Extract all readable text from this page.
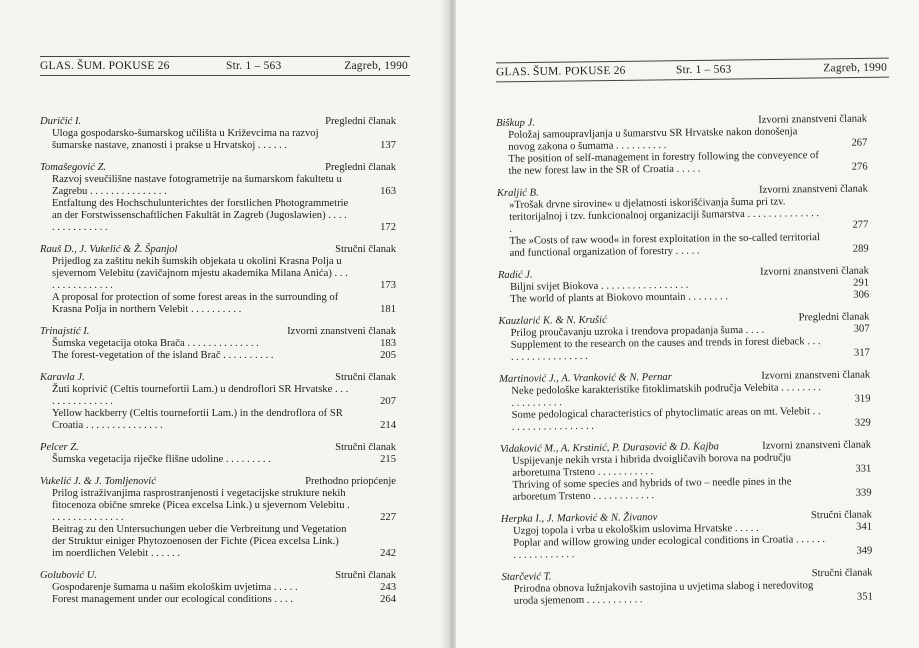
GLAS. ŠUM. POKUSE 26	Str. 1 – 563	Zagreb, 1990
Duričić I.	Pregledni članak
Uloga gospodarsko-šumarskog učilišta u Križevcima na razvoj šumarske nastave, znanosti i prakse u Hrvatskoj . . . . . .	137
Tomašegović Z.	Pregledni članak
Razvoj sveučilišne nastave fotogrametrije na šumarskom fakultetu u Zagrebu . . . . . . . . . . . . . . .	163
Entfaltung des Hochschulunterichtes der forstlichen Photogrammetrie an der Forstwissenschaftlichen Fakultät in Zagreb (Jugoslawien) . . . . . . . . . . . . . . .	172
Rauš D., J. Vukelić & Ž. Španjol	Stručni članak
Prijedlog za zaštitu nekih šumskih objekata u okolini Krasna Polja u sjevernom Velebitu (zavičajnom mjestu akademika Milana Anića) . . . . . . . . . . . . . . .	173
A proposal for protection of some forest areas in the surrounding of Krasna Polja in northern Velebit . . . . . . . . . .	181
Trinajstić I.	Izvorni znanstveni članak
Šumska vegetacija otoka Brača . . . . . . . . . . . . . .	183
The forest-vegetation of the island Brač . . . . . . . . . .	205
Karavla J.	Stručni članak
Žuti koprivić (Celtis tournefortii Lam.) u dendroflori SR Hrvatske . . . . . . . . . . . . . . .	207
Yellow hackberry (Celtis tournefortii Lam.) in the dendroflora of SR Croatia . . . . . . . . . . . . . . .	214
Pelcer Z.	Stručni članak
Šumska vegetacija riječke flišne udoline . . . . . . . . .	215
Vukelić J. & J. Tomljenović	Prethodno priopćenje
Prilog istraživanjima rasprostranjenosti i vegetacijske strukture nekih fitocenoza obične smreke (Picea excelsa Link.) u sjevernom Velebitu . . . . . . . . . . . . . . .	227
Beitrag zu den Untersuchungen ueber die Verbreitung und Vegetation der Struktur einiger Phytozoenosen der Fichte (Picea excelsa Link.) im noerdlichen Velebit . . . . . .	242
Golubović U.	Stručni članak
Gospodarenje šumama u našim ekološkim uvjetima . . . . .	243
Forest management under our ecological conditions . . . .	264
GLAS. ŠUM. POKUSE 26	Str. 1 – 563	Zagreb, 1990
Biškup J.	Izvorni znanstveni članak
Položaj samoupravljanja u šumarstvu SR Hrvatske nakon donošenja novog zakona o šumama . . . . . . . . . .	267
The position of self-management in forestry following the conveyence of the new forest law in the SR of Croatia . . . . .	276
Kraljić B.	Izvorni znanstveni članak
»Trošak drvne sirovine« u djelatnosti iskorišćivanja šuma pri tzv. teritorijalnoj i tzv. funkcionalnoj organizaciji šumarstva . . . . . . . . . . . . . . .	277
The »Costs of raw wood« in forest exploitation in the so-called territorial and functional organization of forestry . . . . .	289
Radić J.	Izvorni znanstveni članak
Biljni svijet Biokova . . . . . . . . . . . . . . . . .	291
The world of plants at Biokovo mountain . . . . . . . .	306
Kauzlarić K. & N. Krušić	Pregledni članak
Prilog proučavanju uzroka i trendova propadanja šuma . . . .	307
Supplement to the research on the causes and trends in forest dieback . . . . . . . . . . . . . . . . . .	317
Martinović J., A. Vranković & N. Pernar	Izvorni znanstveni članak
Neke pedološke karakteristike fitoklimatskih područja Velebita . . . . . . . . . . . . . . . . . .	319
Some pedological characteristics of phytoclimatic areas on mt. Velebit . . . . . . . . . . . . . . . . . .	329
Vidaković M., A. Krstinić, P. Durasović & D. Kajba	Izvorni znanstveni članak
Uspijevanje nekih vrsta i hibrida dvoigličavih borova na području arboretuma Trsteno . . . . . . . . . . .	331
Thriving of some species and hybrids of two – needle pines in the arboretum Trsteno . . . . . . . . . . . .	339
Herpka I., J. Marković & N. Živanov	Stručni članak
Uzgoj topola i vrba u ekološkim uslovima Hrvatske . . . . .	341
Poplar and willow growing under ecological conditions in Croatia . . . . . . . . . . . . . . . . . .	349
Starčević T.	Stručni članak
Prirodna obnova lužnjakovih sastojina u uvjetima slabog i neredovitog uroda sjemenom . . . . . . . . . . .	351
